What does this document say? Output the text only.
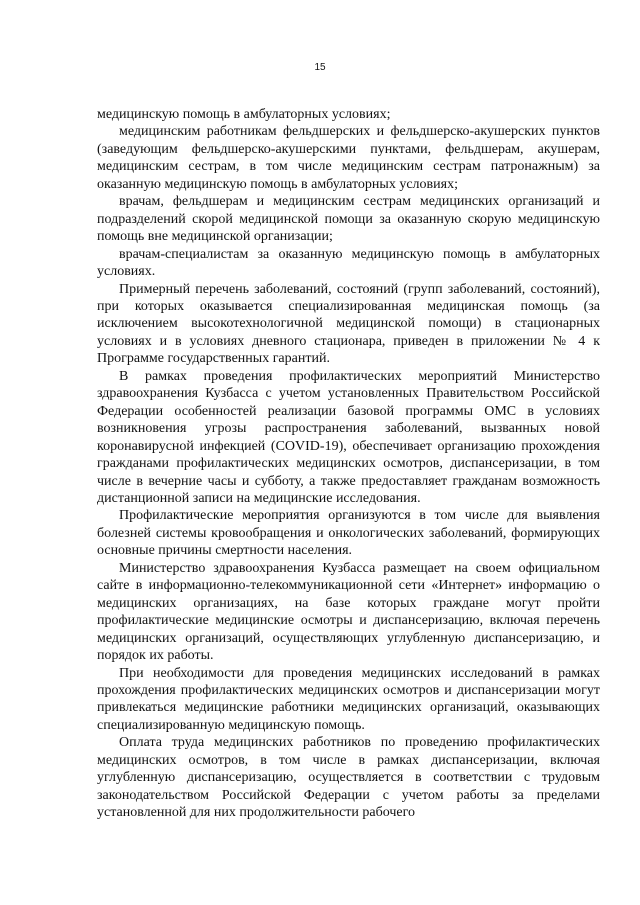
15

медицинскую помощь в амбулаторных условиях;

медицинским работникам фельдшерских и фельдшерско-акушерских пунктов (заведующим фельдшерско-акушерскими пунктами, фельдшерам, акушерам, медицинским сестрам, в том числе медицинским сестрам патронажным) за оказанную медицинскую помощь в амбулаторных условиях;

врачам, фельдшерам и медицинским сестрам медицинских организаций и подразделений скорой медицинской помощи за оказанную скорую медицинскую помощь вне медицинской организации;

врачам-специалистам за оказанную медицинскую помощь в амбулаторных условиях.

Примерный перечень заболеваний, состояний (групп заболеваний, состояний), при которых оказывается специализированная медицинская помощь (за исключением высокотехнологичной медицинской помощи) в стационарных условиях и в условиях дневного стационара, приведен в приложении № 4 к Программе государственных гарантий.

В рамках проведения профилактических мероприятий Министерство здравоохранения Кузбасса с учетом установленных Правительством Российской Федерации особенностей реализации базовой программы ОМС в условиях возникновения угрозы распространения заболеваний, вызванных новой коронавирусной инфекцией (COVID-19), обеспечивает организацию прохождения гражданами профилактических медицинских осмотров, диспансеризации, в том числе в вечерние часы и субботу, а также предоставляет гражданам возможность дистанционной записи на медицинские исследования.

Профилактические мероприятия организуются в том числе для выявления болезней системы кровообращения и онкологических заболеваний, формирующих основные причины смертности населения.

Министерство здравоохранения Кузбасса размещает на своем официальном сайте в информационно-телекоммуникационной сети «Интернет» информацию о медицинских организациях, на базе которых граждане могут пройти профилактические медицинские осмотры и диспансеризацию, включая перечень медицинских организаций, осуществляющих углубленную диспансеризацию, и порядок их работы.

При необходимости для проведения медицинских исследований в рамках прохождения профилактических медицинских осмотров и диспансеризации могут привлекаться медицинские работники медицинских организаций, оказывающих специализированную медицинскую помощь.

Оплата труда медицинских работников по проведению профилактических медицинских осмотров, в том числе в рамках диспансеризации, включая углубленную диспансеризацию, осуществляется в соответствии с трудовым законодательством Российской Федерации с учетом работы за пределами установленной для них продолжительности рабочего
